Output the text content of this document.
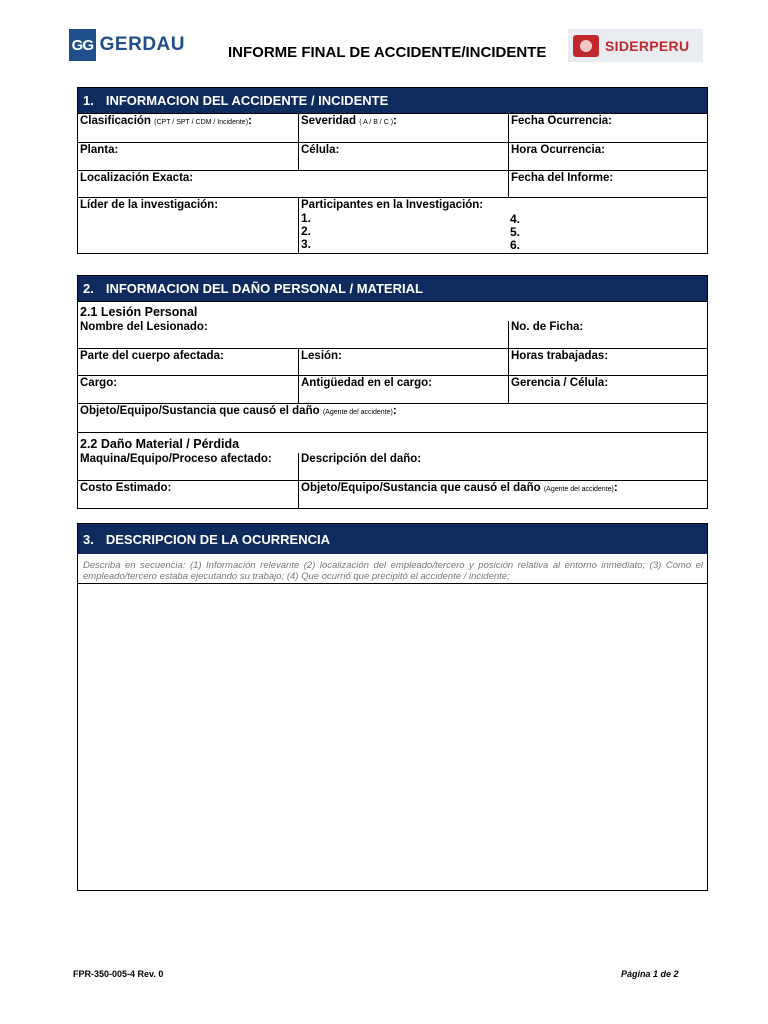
GG GERDAU	INFORME FINAL DE ACCIDENTE/INCIDENTE	SIDERPERU
1. INFORMACION DEL ACCIDENTE / INCIDENTE
Clasificación (CPT / SPT / CDM / Incidente):	Severidad ( A / B / C ):	Fecha Ocurrencia:
Planta:	Célula:	Hora Ocurrencia:
Localización Exacta:	Fecha del Informe:
Líder de la investigación:	Participantes en la Investigación:
1.
2.
3.
4.
5.
6.
2. INFORMACION DEL DAÑO PERSONAL / MATERIAL
2.1 Lesión Personal
Nombre del Lesionado:	No. de Ficha:
Parte del cuerpo afectada:	Lesión:	Horas trabajadas:
Cargo:	Antigüedad en el cargo:	Gerencia / Célula:
Objeto/Equipo/Sustancia que causó el daño (Agente del accidente):
2.2 Daño Material / Pérdida
Maquina/Equipo/Proceso afectado:	Descripción del daño:
Costo Estimado:	Objeto/Equipo/Sustancia que causó el daño (Agente del accidente):
3. DESCRIPCION DE LA OCURRENCIA
Describa en secuencia: (1) Información relevante (2) localización del empleado/tercero y posición relativa al entorno inmediato; (3) Como el empleado/tercero estaba ejecutando su trabajo; (4) Que ocurrió que precipitó el accidente / incidente;
FPR-350-005-4 Rev. 0	Página 1 de 2
